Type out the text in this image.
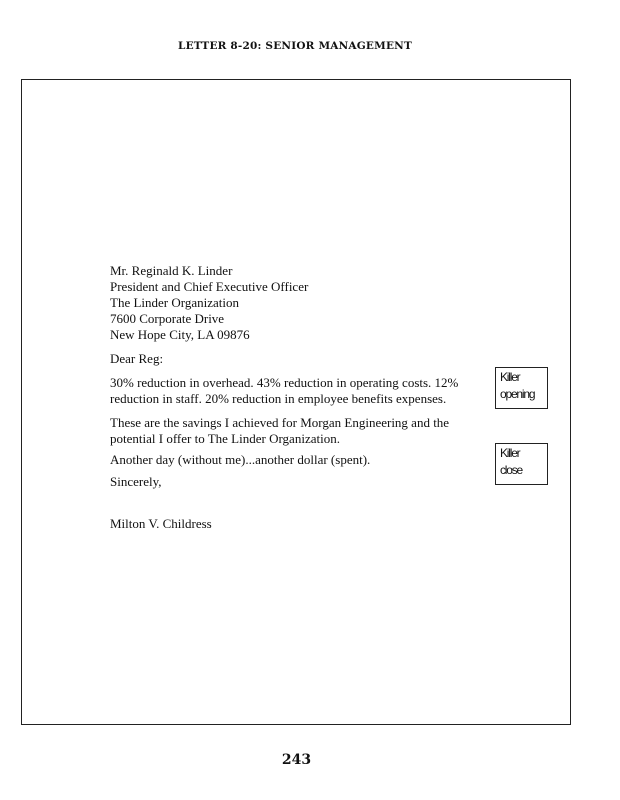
LETTER 8-20: SENIOR MANAGEMENT
Mr. Reginald K. Linder
President and Chief Executive Officer
The Linder Organization
7600 Corporate Drive
New Hope City, LA 09876
Dear Reg:
30% reduction in overhead. 43% reduction in operating costs. 12% reduction in staff. 20% reduction in employee benefits expenses.
These are the savings I achieved for Morgan Engineering and the potential I offer to The Linder Organization.
Another day (without me)...another dollar (spent).
Sincerely,
Milton V. Childress
Killer
opening
Killer
close
243
